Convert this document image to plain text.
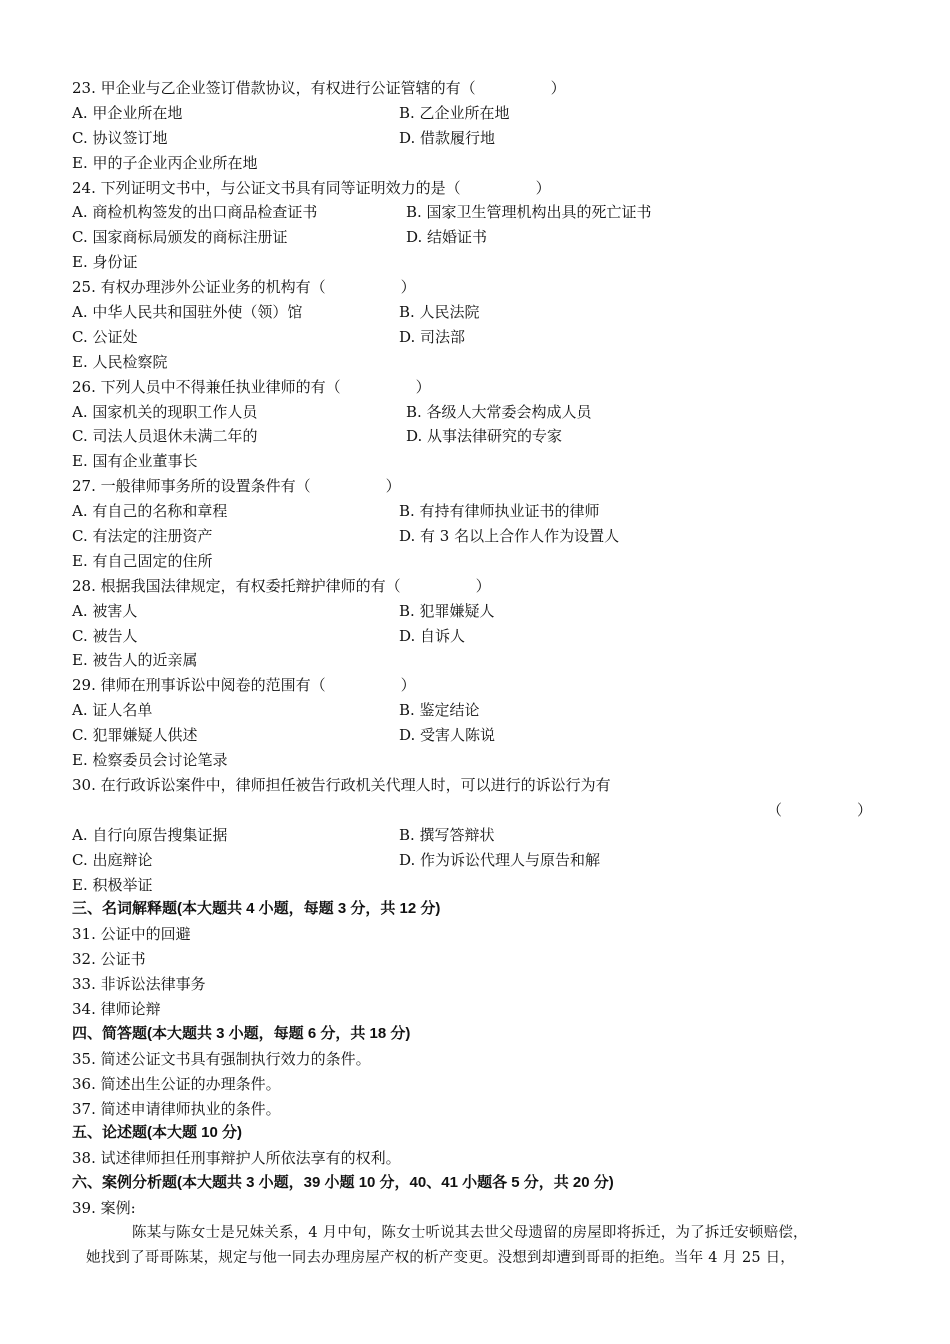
23. 甲企业与乙企业签订借款协议，有权进行公证管辖的有（　　　　　）
A. 甲企业所在地	B. 乙企业所在地
C. 协议签订地	D. 借款履行地
E. 甲的子企业丙企业所在地
24. 下列证明文书中，与公证文书具有同等证明效力的是（　　　　　）
A. 商检机构签发的出口商品检查证书	B. 国家卫生管理机构出具的死亡证书
C. 国家商标局颁发的商标注册证	D. 结婚证书
E. 身份证
25. 有权办理涉外公证业务的机构有（　　　　　）
A. 中华人民共和国驻外使（领）馆	B. 人民法院
C. 公证处	D. 司法部
E. 人民检察院
26. 下列人员中不得兼任执业律师的有（　　　　　）
A. 国家机关的现职工作人员	B. 各级人大常委会构成人员
C. 司法人员退休未满二年的	D. 从事法律研究的专家
E. 国有企业董事长
27. 一般律师事务所的设置条件有（　　　　　）
A. 有自己的名称和章程	B. 有持有律师执业证书的律师
C. 有法定的注册资产	D. 有 3 名以上合作人作为设置人
E. 有自己固定的住所
28. 根据我国法律规定，有权委托辩护律师的有（　　　　　）
A. 被害人	B. 犯罪嫌疑人
C. 被告人	D. 自诉人
E. 被告人的近亲属
29. 律师在刑事诉讼中阅卷的范围有（　　　　　）
A. 证人名单	B. 鉴定结论
C. 犯罪嫌疑人供述	D. 受害人陈说
E. 检察委员会讨论笔录
30. 在行政诉讼案件中，律师担任被告行政机关代理人时，可以进行的诉讼行为有
（　　　　　）
A. 自行向原告搜集证据	B. 撰写答辩状
C. 出庭辩论	D. 作为诉讼代理人与原告和解
E. 积极举证
三、名词解释题(本大题共 4 小题，每题 3 分，共 12 分)
31. 公证中的回避
32. 公证书
33. 非诉讼法律事务
34. 律师论辩
四、简答题(本大题共 3 小题，每题 6 分，共 18 分)
35. 简述公证文书具有强制执行效力的条件。
36. 简述出生公证的办理条件。
37. 简述申请律师执业的条件。
五、论述题(本大题 10 分)
38. 试述律师担任刑事辩护人所依法享有的权利。
六、案例分析题(本大题共 3 小题，39 小题 10 分，40、41 小题各 5 分，共 20 分)
39. 案例:
陈某与陈女士是兄妹关系，4 月中旬，陈女士听说其去世父母遗留的房屋即将拆迁，为了拆迁安顿赔偿，
她找到了哥哥陈某，规定与他一同去办理房屋产权的析产变更。没想到却遭到哥哥的拒绝。当年 4 月 25 日，
